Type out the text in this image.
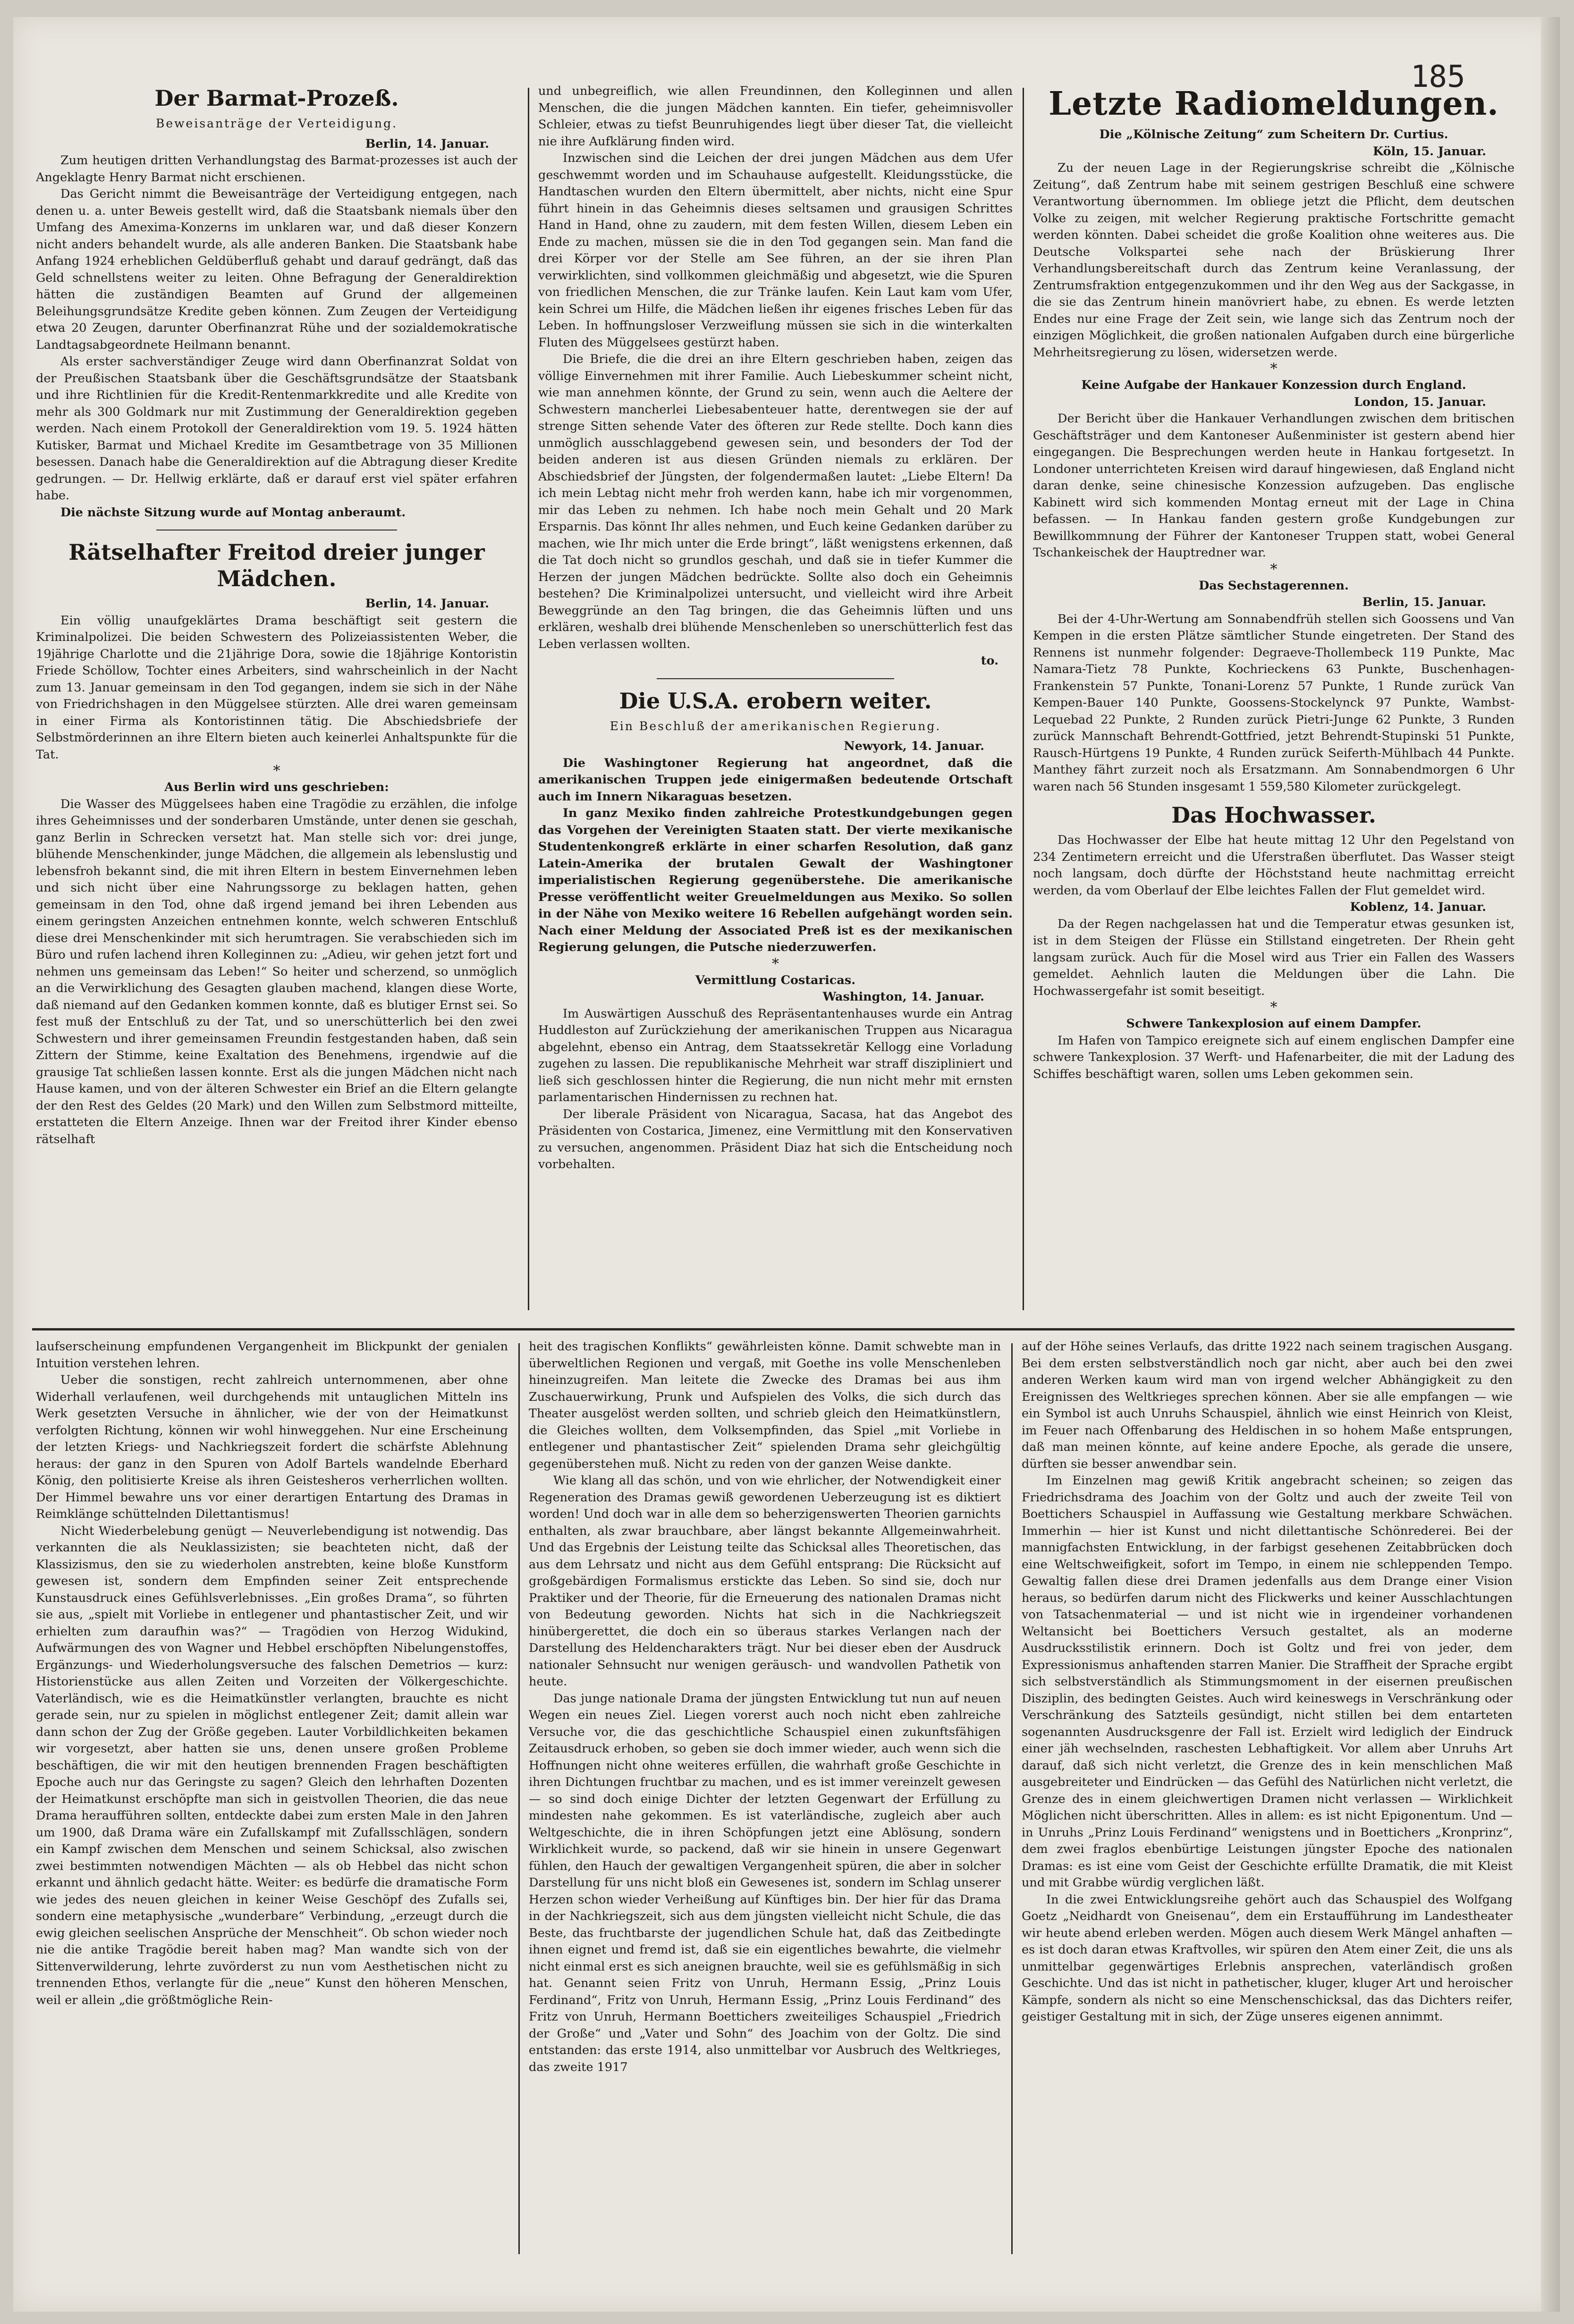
185
Der Barmat-Prozeß.
Beweisanträge der Verteidigung.
Berlin, 14. Januar.

Zum heutigen dritten Verhandlungstag des Barmat-prozesses ist auch der Angeklagte Henry Barmat nicht erschienen.

Das Gericht nimmt die Beweisanträge der Verteidigung entgegen, nach denen u. a. unter Beweis gestellt wird, daß die Staatsbank niemals über den Umfang des Amexima-Konzerns im unklaren war, und daß dieser Konzern nicht anders behandelt wurde, als alle anderen Banken. Die Staatsbank habe Anfang 1924 erheblichen Geldüberfluß gehabt und darauf gedrängt, daß das Geld schnellstens weiter zu leiten. Ohne Befragung der Generaldirektion hätten die zuständigen Beamten auf Grund der allgemeinen Beleihungsgrundsätze Kredite geben können. Zum Zeugen der Verteidigung etwa 20 Zeugen, darunter Oberfinanzrat Rühe und der sozialdemokratische Landtagsabgeordnete Heilmann benannt.

Als erster sachverständiger Zeuge wird dann Oberfinanzrat Soldat von der Preußischen Staatsbank über die Geschäftsgrundsätze der Staatsbank und ihre Richtlinien für die Kredit-Rentenmarkkredite und alle Kredite von mehr als 300 Goldmark nur mit Zustimmung der Generaldirektion gegeben werden. Nach einem Protokoll der Generaldirektion vom 19. 5. 1924 hätten Kutisker, Barmat und Michael Kredite im Gesamtbetrage von 35 Millionen besessen. Danach habe die Generaldirektion auf die Abtragung dieser Kredite gedrungen. — Dr. Hellwig erklärte, daß er darauf erst viel später erfahren habe.

Die nächste Sitzung wurde auf Montag anberaumt.

Rätselhafter Freitod dreier junger Mädchen.
Berlin, 14. Januar.

Ein völlig unaufgeklärtes Drama beschäftigt seit gestern die Kriminalpolizei. Die beiden Schwestern des Polizeiassistenten Weber, die 19jährige Charlotte und die 21jährige Dora, sowie die 18jährige Kontoristin Friede Schöllow, Tochter eines Arbeiters, sind wahrscheinlich in der Nacht zum 13. Januar gemeinsam in den Tod gegangen, indem sie sich in der Nähe von Friedrichshagen in den Müggelsee stürzten. Alle drei waren gemeinsam in einer Firma als Kontoristinnen tätig. Die Abschiedsbriefe der Selbstmörderinnen an ihre Eltern bieten auch keinerlei Anhaltspunkte für die Tat.

*

Aus Berlin wird uns geschrieben:

Die Wasser des Müggelsees haben eine Tragödie zu erzählen, die infolge ihres Geheimnisses und der sonderbaren Umstände, unter denen sie geschah, ganz Berlin in Schrecken versetzt hat. Man stelle sich vor: drei junge, blühende Menschenkinder, junge Mädchen, die allgemein als lebenslustig und lebensfroh bekannt sind, die mit ihren Eltern in bestem Einvernehmen leben und sich nicht über eine Nahrungssorge zu beklagen hatten, gehen gemeinsam in den Tod, ohne daß irgend jemand bei ihren Lebenden aus einem geringsten Anzeichen entnehmen konnte, welch schweren Entschluß diese drei Menschenkinder mit sich herumtragen. Sie verabschieden sich im Büro und rufen lachend ihren Kolleginnen zu: „Adieu, wir gehen jetzt fort und nehmen uns gemeinsam das Leben!“ So heiter und scherzend, so unmöglich an die Verwirklichung des Gesagten glauben machend, klangen diese Worte, daß niemand auf den Gedanken kommen konnte, daß es blutiger Ernst sei. So fest muß der Entschluß zu der Tat, und so unerschütterlich bei den zwei Schwestern und ihrer gemeinsamen Freundin festgestanden haben, daß sein Zittern der Stimme, keine Exaltation des Benehmens, irgendwie auf die grausige Tat schließen lassen konnte. Erst als die jungen Mädchen nicht nach Hause kamen, und von der älteren Schwester ein Brief an die Eltern gelangte der den Rest des Geldes (20 Mark) und den Willen zum Selbstmord mitteilte, erstatteten die Eltern Anzeige. Ihnen war der Freitod ihrer Kinder ebenso rätselhaft

und unbegreiflich, wie allen Freundinnen, den Kolleginnen und allen Menschen, die die jungen Mädchen kannten. Ein tiefer, geheimnisvoller Schleier, etwas zu tiefst Beunruhigendes liegt über dieser Tat, die vielleicht nie ihre Aufklärung finden wird.

Inzwischen sind die Leichen der drei jungen Mädchen aus dem Ufer geschwemmt worden und im Schauhause aufgestellt. Kleidungsstücke, die Handtaschen wurden den Eltern übermittelt, aber nichts, nicht eine Spur führt hinein in das Geheimnis dieses seltsamen und grausigen Schrittes Hand in Hand, ohne zu zaudern, mit dem festen Willen, diesem Leben ein Ende zu machen, müssen sie die in den Tod gegangen sein. Man fand die drei Körper vor der Stelle am See führen, an der sie ihren Plan verwirklichten, sind vollkommen gleichmäßig und abgesetzt, wie die Spuren von friedlichen Menschen, die zur Tränke laufen. Kein Laut kam vom Ufer, kein Schrei um Hilfe, die Mädchen ließen ihr eigenes frisches Leben für das Leben. In hoffnungsloser Verzweiflung müssen sie sich in die winterkalten Fluten des Müggelsees gestürzt haben.

Die Briefe, die die drei an ihre Eltern geschrieben haben, zeigen das völlige Einvernehmen mit ihrer Familie. Auch Liebeskummer scheint nicht, wie man annehmen könnte, der Grund zu sein, wenn auch die Aeltere der Schwestern mancherlei Liebesabenteuer hatte, derentwegen sie der auf strenge Sitten sehende Vater des öfteren zur Rede stellte. Doch kann dies unmöglich ausschlaggebend gewesen sein, und besonders der Tod der beiden anderen ist aus diesen Gründen niemals zu erklären. Der Abschiedsbrief der Jüngsten, der folgendermaßen lautet: „Liebe Eltern! Da ich mein Lebtag nicht mehr froh werden kann, habe ich mir vorgenommen, mir das Leben zu nehmen. Ich habe noch mein Gehalt und 20 Mark Ersparnis. Das könnt Ihr alles nehmen, und Euch keine Gedanken darüber zu machen, wie Ihr mich unter die Erde bringt“, läßt wenigstens erkennen, daß die Tat doch nicht so grundlos geschah, und daß sie in tiefer Kummer die Herzen der jungen Mädchen bedrückte. Sollte also doch ein Geheimnis bestehen? Die Kriminalpolizei untersucht, und vielleicht wird ihre Arbeit Beweggründe an den Tag bringen, die das Geheimnis lüften und uns erklären, weshalb drei blühende Menschenleben so unerschütterlich fest das Leben verlassen wollten.

to.
Die U.S.A. erobern weiter.
Ein Beschluß der amerikanischen Regierung.
Newyork, 14. Januar.

Die Washingtoner Regierung hat angeordnet, daß die amerikanischen Truppen jede einigermaßen bedeutende Ortschaft auch im Innern Nikaraguas besetzen.

In ganz Mexiko finden zahlreiche Protestkundgebungen gegen das Vorgehen der Vereinigten Staaten statt. Der vierte mexikanische Studentenkongreß erklärte in einer scharfen Resolution, daß ganz Latein-Amerika der brutalen Gewalt der Washingtoner imperialistischen Regierung gegenüberstehe. Die amerikanische Presse veröffentlicht weiter Greuelmeldungen aus Mexiko. So sollen in der Nähe von Mexiko weitere 16 Rebellen aufgehängt worden sein. Nach einer Meldung der Associated Preß ist es der mexikanischen Regierung gelungen, die Putsche niederzuwerfen.

*

Vermittlung Costaricas.

Washington, 14. Januar.

Im Auswärtigen Ausschuß des Repräsentantenhauses wurde ein Antrag Huddleston auf Zurückziehung der amerikanischen Truppen aus Nicaragua abgelehnt, ebenso ein Antrag, dem Staatssekretär Kellogg eine Vorladung zugehen zu lassen. Die republikanische Mehrheit war straff diszipliniert und ließ sich geschlossen hinter die Regierung, die nun nicht mehr mit ernsten parlamentarischen Hindernissen zu rechnen hat.

Der liberale Präsident von Nicaragua, Sacasa, hat das Angebot des Präsidenten von Costarica, Jimenez, eine Vermittlung mit den Konservativen zu versuchen, angenommen. Präsident Diaz hat sich die Entscheidung noch vorbehalten.

Letzte Radiomeldungen.

Die „Kölnische Zeitung“ zum Scheitern Dr. Curtius.

Köln, 15. Januar.

Zu der neuen Lage in der Regierungskrise schreibt die „Kölnische Zeitung“, daß Zentrum habe mit seinem gestrigen Beschluß eine schwere Verantwortung übernommen. Im obliege jetzt die Pflicht, dem deutschen Volke zu zeigen, mit welcher Regierung praktische Fortschritte gemacht werden könnten. Dabei scheidet die große Koalition ohne weiteres aus. Die Deutsche Volkspartei sehe nach der Brüskierung Ihrer Verhandlungsbereitschaft durch das Zentrum keine Veranlassung, der Zentrumsfraktion entgegenzukommen und ihr den Weg aus der Sackgasse, in die sie das Zentrum hinein manövriert habe, zu ebnen. Es werde letzten Endes nur eine Frage der Zeit sein, wie lange sich das Zentrum noch der einzigen Möglichkeit, die großen nationalen Aufgaben durch eine bürgerliche Mehrheitsregierung zu lösen, widersetzen werde.

*

Keine Aufgabe der Hankauer Konzession durch England.

London, 15. Januar.

Der Bericht über die Hankauer Verhandlungen zwischen dem britischen Geschäftsträger und dem Kantoneser Außenminister ist gestern abend hier eingegangen. Die Besprechungen werden heute in Hankau fortgesetzt. In Londoner unterrichteten Kreisen wird darauf hingewiesen, daß England nicht daran denke, seine chinesische Konzession aufzugeben. Das englische Kabinett wird sich kommenden Montag erneut mit der Lage in China befassen. — In Hankau fanden gestern große Kundgebungen zur Bewillkommnung der Führer der Kantoneser Truppen statt, wobei General Tschankeischek der Hauptredner war.

*

Das Sechstagerennen.

Berlin, 15. Januar.

Bei der 4-Uhr-Wertung am Sonnabendfrüh stellen sich Goossens und Van Kempen in die ersten Plätze sämtlicher Stunde eingetreten. Der Stand des Rennens ist nunmehr folgender: Degraeve-Thollembeck 119 Punkte, Mac Namara-Tietz 78 Punkte, Kochrieckens 63 Punkte, Buschenhagen-Frankenstein 57 Punkte, Tonani-Lorenz 57 Punkte, 1 Runde zurück Van Kempen-Bauer 140 Punkte, Goossens-Stockelynck 97 Punkte, Wambst-Lequebad 22 Punkte, 2 Runden zurück Pietri-Junge 62 Punkte, 3 Runden zurück Mannschaft Behrendt-Gottfried, jetzt Behrendt-Stupinski 51 Punkte, Rausch-Hürtgens 19 Punkte, 4 Runden zurück Seiferth-Mühlbach 44 Punkte. Manthey fährt zurzeit noch als Ersatzmann. Am Sonnabendmorgen 6 Uhr waren nach 56 Stunden insgesamt 1 559,580 Kilometer zurückgelegt.

Das Hochwasser.

Das Hochwasser der Elbe hat heute mittag 12 Uhr den Pegelstand von 234 Zentimetern erreicht und die Uferstraßen überflutet. Das Wasser steigt noch langsam, doch dürfte der Höchststand heute nachmittag erreicht werden, da vom Oberlauf der Elbe leichtes Fallen der Flut gemeldet wird.

Koblenz, 14. Januar.

Da der Regen nachgelassen hat und die Temperatur etwas gesunken ist, ist in dem Steigen der Flüsse ein Stillstand eingetreten. Der Rhein geht langsam zurück. Auch für die Mosel wird aus Trier ein Fallen des Wassers gemeldet. Aehnlich lauten die Meldungen über die Lahn. Die Hochwassergefahr ist somit beseitigt.

*

Schwere Tankexplosion auf einem Dampfer.

Im Hafen von Tampico ereignete sich auf einem englischen Dampfer eine schwere Tankexplosion. 37 Werft- und Hafenarbeiter, die mit der Ladung des Schiffes beschäftigt waren, sollen ums Leben gekommen sein.

laufserscheinung empfundenen Vergangenheit im Blickpunkt der genialen Intuition verstehen lehren.

Ueber die sonstigen, recht zahlreich unternommenen, aber ohne Widerhall verlaufenen, weil durchgehends mit untauglichen Mitteln ins Werk gesetzten Versuche in ähnlicher, wie der von der Heimatkunst verfolgten Richtung, können wir wohl hinweggehen. Nur eine Erscheinung der letzten Kriegs- und Nachkriegszeit fordert die schärfste Ablehnung heraus: der ganz in den Spuren von Adolf Bartels wandelnde Eberhard König, den politisierte Kreise als ihren Geistesheros verherrlichen wollten. Der Himmel bewahre uns vor einer derartigen Entartung des Dramas in Reimklänge schüttelnden Dilettantismus!

Nicht Wiederbelebung genügt — Neuverlebendigung ist notwendig. Das verkannten die als Neuklassizisten; sie beachteten nicht, daß der Klassizismus, den sie zu wiederholen anstrebten, keine bloße Kunstform gewesen ist, sondern dem Empfinden seiner Zeit entsprechende Kunstausdruck eines Gefühlsverlebnisses. „Ein großes Drama“, so führten sie aus, „spielt mit Vorliebe in entlegener und phantastischer Zeit, und wir erhielten zum daraufhin was?“ — Tragödien von Herzog Widukind, Aufwärmungen des von Wagner und Hebbel erschöpften Nibelungenstoffes, Ergänzungs- und Wiederholungsversuche des falschen Demetrios — kurz: Historienstücke aus allen Zeiten und Vorzeiten der Völkergeschichte. Vaterländisch, wie es die Heimatkünstler verlangten, brauchte es nicht gerade sein, nur zu spielen in möglichst entlegener Zeit; damit allein war dann schon der Zug der Größe gegeben. Lauter Vorbildlichkeiten bekamen wir vorgesetzt, aber hatten sie uns, denen unsere großen Probleme beschäftigen, die wir mit den heutigen brennenden Fragen beschäftigten Epoche auch nur das Geringste zu sagen? Gleich den lehrhaften Dozenten der Heimatkunst erschöpfte man sich in geistvollen Theorien, die das neue Drama heraufführen sollten, entdeckte dabei zum ersten Male in den Jahren um 1900, daß Drama wäre ein Zufallskampf mit Zufallsschlägen, sondern ein Kampf zwischen dem Menschen und seinem Schicksal, also zwischen zwei bestimmten notwendigen Mächten — als ob Hebbel das nicht schon erkannt und ähnlich gedacht hätte. Weiter: es bedürfe die dramatische Form wie jedes des neuen gleichen in keiner Weise Geschöpf des Zufalls sei, sondern eine metaphysische „wunderbare“ Verbindung, „erzeugt durch die ewig gleichen seelischen Ansprüche der Menschheit“. Ob schon wieder noch nie die antike Tragödie bereit haben mag? Man wandte sich von der Sittenverwilderung, lehrte zuvörderst zu nun vom Aesthetischen nicht zu trennenden Ethos, verlangte für die „neue“ Kunst den höheren Menschen, weil er allein „die größtmögliche Rein-

heit des tragischen Konflikts“ gewährleisten könne. Damit schwebte man in überweltlichen Regionen und vergaß, mit Goethe ins volle Menschenleben hineinzugreifen. Man leitete die Zwecke des Dramas bei aus ihm Zuschauerwirkung, Prunk und Aufspielen des Volks, die sich durch das Theater ausgelöst werden sollten, und schrieb gleich den Heimatkünstlern, die Gleiches wollten, dem Volksempfinden, das Spiel „mit Vorliebe in entlegener und phantastischer Zeit“ spielenden Drama sehr gleichgültig gegenüberstehen muß. Nicht zu reden von der ganzen Weise dankte.

Wie klang all das schön, und von wie ehrlicher, der Notwendigkeit einer Regeneration des Dramas gewiß gewordenen Ueberzeugung ist es diktiert worden! Und doch war in alle dem so beherzigenswerten Theorien garnichts enthalten, als zwar brauchbare, aber längst bekannte Allgemeinwahrheit. Und das Ergebnis der Leistung teilte das Schicksal alles Theoretischen, das aus dem Lehrsatz und nicht aus dem Gefühl entsprang: Die Rücksicht auf großgebärdigen Formalismus erstickte das Leben. So sind sie, doch nur Praktiker und der Theorie, für die Erneuerung des nationalen Dramas nicht von Bedeutung geworden. Nichts hat sich in die Nachkriegszeit hinübergerettet, die doch ein so überaus starkes Verlangen nach der Darstellung des Heldencharakters trägt. Nur bei dieser eben der Ausdruck nationaler Sehnsucht nur wenigen geräusch- und wandvollen Pathetik von heute.

Das junge nationale Drama der jüngsten Entwicklung tut nun auf neuen Wegen ein neues Ziel. Liegen vorerst auch noch nicht eben zahlreiche Versuche vor, die das geschichtliche Schauspiel einen zukunftsfähigen Zeitausdruck erhoben, so geben sie doch immer wieder, auch wenn sich die Hoffnungen nicht ohne weiteres erfüllen, die wahrhaft große Geschichte in ihren Dichtungen fruchtbar zu machen, und es ist immer vereinzelt gewesen — so sind doch einige Dichter der letzten Gegenwart der Erfüllung zu mindesten nahe gekommen. Es ist vaterländische, zugleich aber auch Weltgeschichte, die in ihren Schöpfungen jetzt eine Ablösung, sondern Wirklichkeit wurde, so packend, daß wir sie hinein in unsere Gegenwart fühlen, den Hauch der gewaltigen Vergangenheit spüren, die aber in solcher Darstellung für uns nicht bloß ein Gewesenes ist, sondern im Schlag unserer Herzen schon wieder Verheißung auf Künftiges bin. Der hier für das Drama in der Nachkriegszeit, sich aus dem jüngsten vielleicht nicht Schule, die das Beste, das fruchtbarste der jugendlichen Schule hat, daß das Zeitbedingte ihnen eignet und fremd ist, daß sie ein eigentliches bewahrte, die vielmehr nicht einmal erst es sich aneignen brauchte, weil sie es gefühlsmäßig in sich hat. Genannt seien Fritz von Unruh, Hermann Essig, „Prinz Louis Ferdinand“, Fritz von Unruh, Hermann Essig, „Prinz Louis Ferdinand“ des Fritz von Unruh, Hermann Boettichers zweiteiliges Schauspiel „Friedrich der Große“ und „Vater und Sohn“ des Joachim von der Goltz. Die sind entstanden: das erste 1914, also unmittelbar vor Ausbruch des Weltkrieges, das zweite 1917

auf der Höhe seines Verlaufs, das dritte 1922 nach seinem tragischen Ausgang. Bei dem ersten selbstverständlich noch gar nicht, aber auch bei den zwei anderen Werken kaum wird man von irgend welcher Abhängigkeit zu den Ereignissen des Weltkrieges sprechen können. Aber sie alle empfangen — wie ein Symbol ist auch Unruhs Schauspiel, ähnlich wie einst Heinrich von Kleist, im Feuer nach Offenbarung des Heldischen in so hohem Maße entsprungen, daß man meinen könnte, auf keine andere Epoche, als gerade die unsere, dürften sie besser anwendbar sein.

Im Einzelnen mag gewiß Kritik angebracht scheinen; so zeigen das Friedrichsdrama des Joachim von der Goltz und auch der zweite Teil von Boettichers Schauspiel in Auffassung wie Gestaltung merkbare Schwächen. Immerhin — hier ist Kunst und nicht dilettantische Schönrederei. Bei der mannigfachsten Entwicklung, in der farbigst gesehenen Zeitabbrücken doch eine Weltschweifigkeit, sofort im Tempo, in einem nie schleppenden Tempo. Gewaltig fallen diese drei Dramen jedenfalls aus dem Drange einer Vision heraus, so bedürfen darum nicht des Flickwerks und keiner Ausschlachtungen von Tatsachenmaterial — und ist nicht wie in irgendeiner vorhandenen Weltansicht bei Boettichers Versuch gestaltet, als an moderne Ausdrucksstilistik erinnern. Doch ist Goltz und frei von jeder, dem Expressionismus anhaftenden starren Manier. Die Straffheit der Sprache ergibt sich selbstverständlich als Stimmungsmoment in der eisernen preußischen Disziplin, des bedingten Geistes. Auch wird keineswegs in Verschränkung oder Verschränkung des Satzteils gesündigt, nicht stillen bei dem entarteten sogenannten Ausdrucksgenre der Fall ist. Erzielt wird lediglich der Eindruck einer jäh wechselnden, raschesten Lebhaftigkeit. Vor allem aber Unruhs Art darauf, daß sich nicht verletzt, die Grenze des in kein menschlichen Maß ausgebreiteter und Eindrücken — das Gefühl des Natürlichen nicht verletzt, die Grenze des in einem gleichwertigen Dramen nicht verlassen — Wirklichkeit Möglichen nicht überschritten. Alles in allem: es ist nicht Epigonentum. Und — in Unruhs „Prinz Louis Ferdinand“ wenigstens und in Boettichers „Kronprinz“, dem zwei fraglos ebenbürtige Leistungen jüngster Epoche des nationalen Dramas: es ist eine vom Geist der Geschichte erfüllte Dramatik, die mit Kleist und mit Grabbe würdig verglichen läßt.

In die zwei Entwicklungsreihe gehört auch das Schauspiel des Wolfgang Goetz „Neidhardt von Gneisenau“, dem ein Erstaufführung im Landestheater wir heute abend erleben werden. Mögen auch diesem Werk Mängel anhaften — es ist doch daran etwas Kraftvolles, wir spüren den Atem einer Zeit, die uns als unmittelbar gegenwärtiges Erlebnis ansprechen, vaterländisch großen Geschichte. Und das ist nicht in pathetischer, kluger, kluger Art und heroischer Kämpfe, sondern als nicht so eine Menschenschicksal, das das Dichters reifer, geistiger Gestaltung mit in sich, der Züge unseres eigenen annimmt.
